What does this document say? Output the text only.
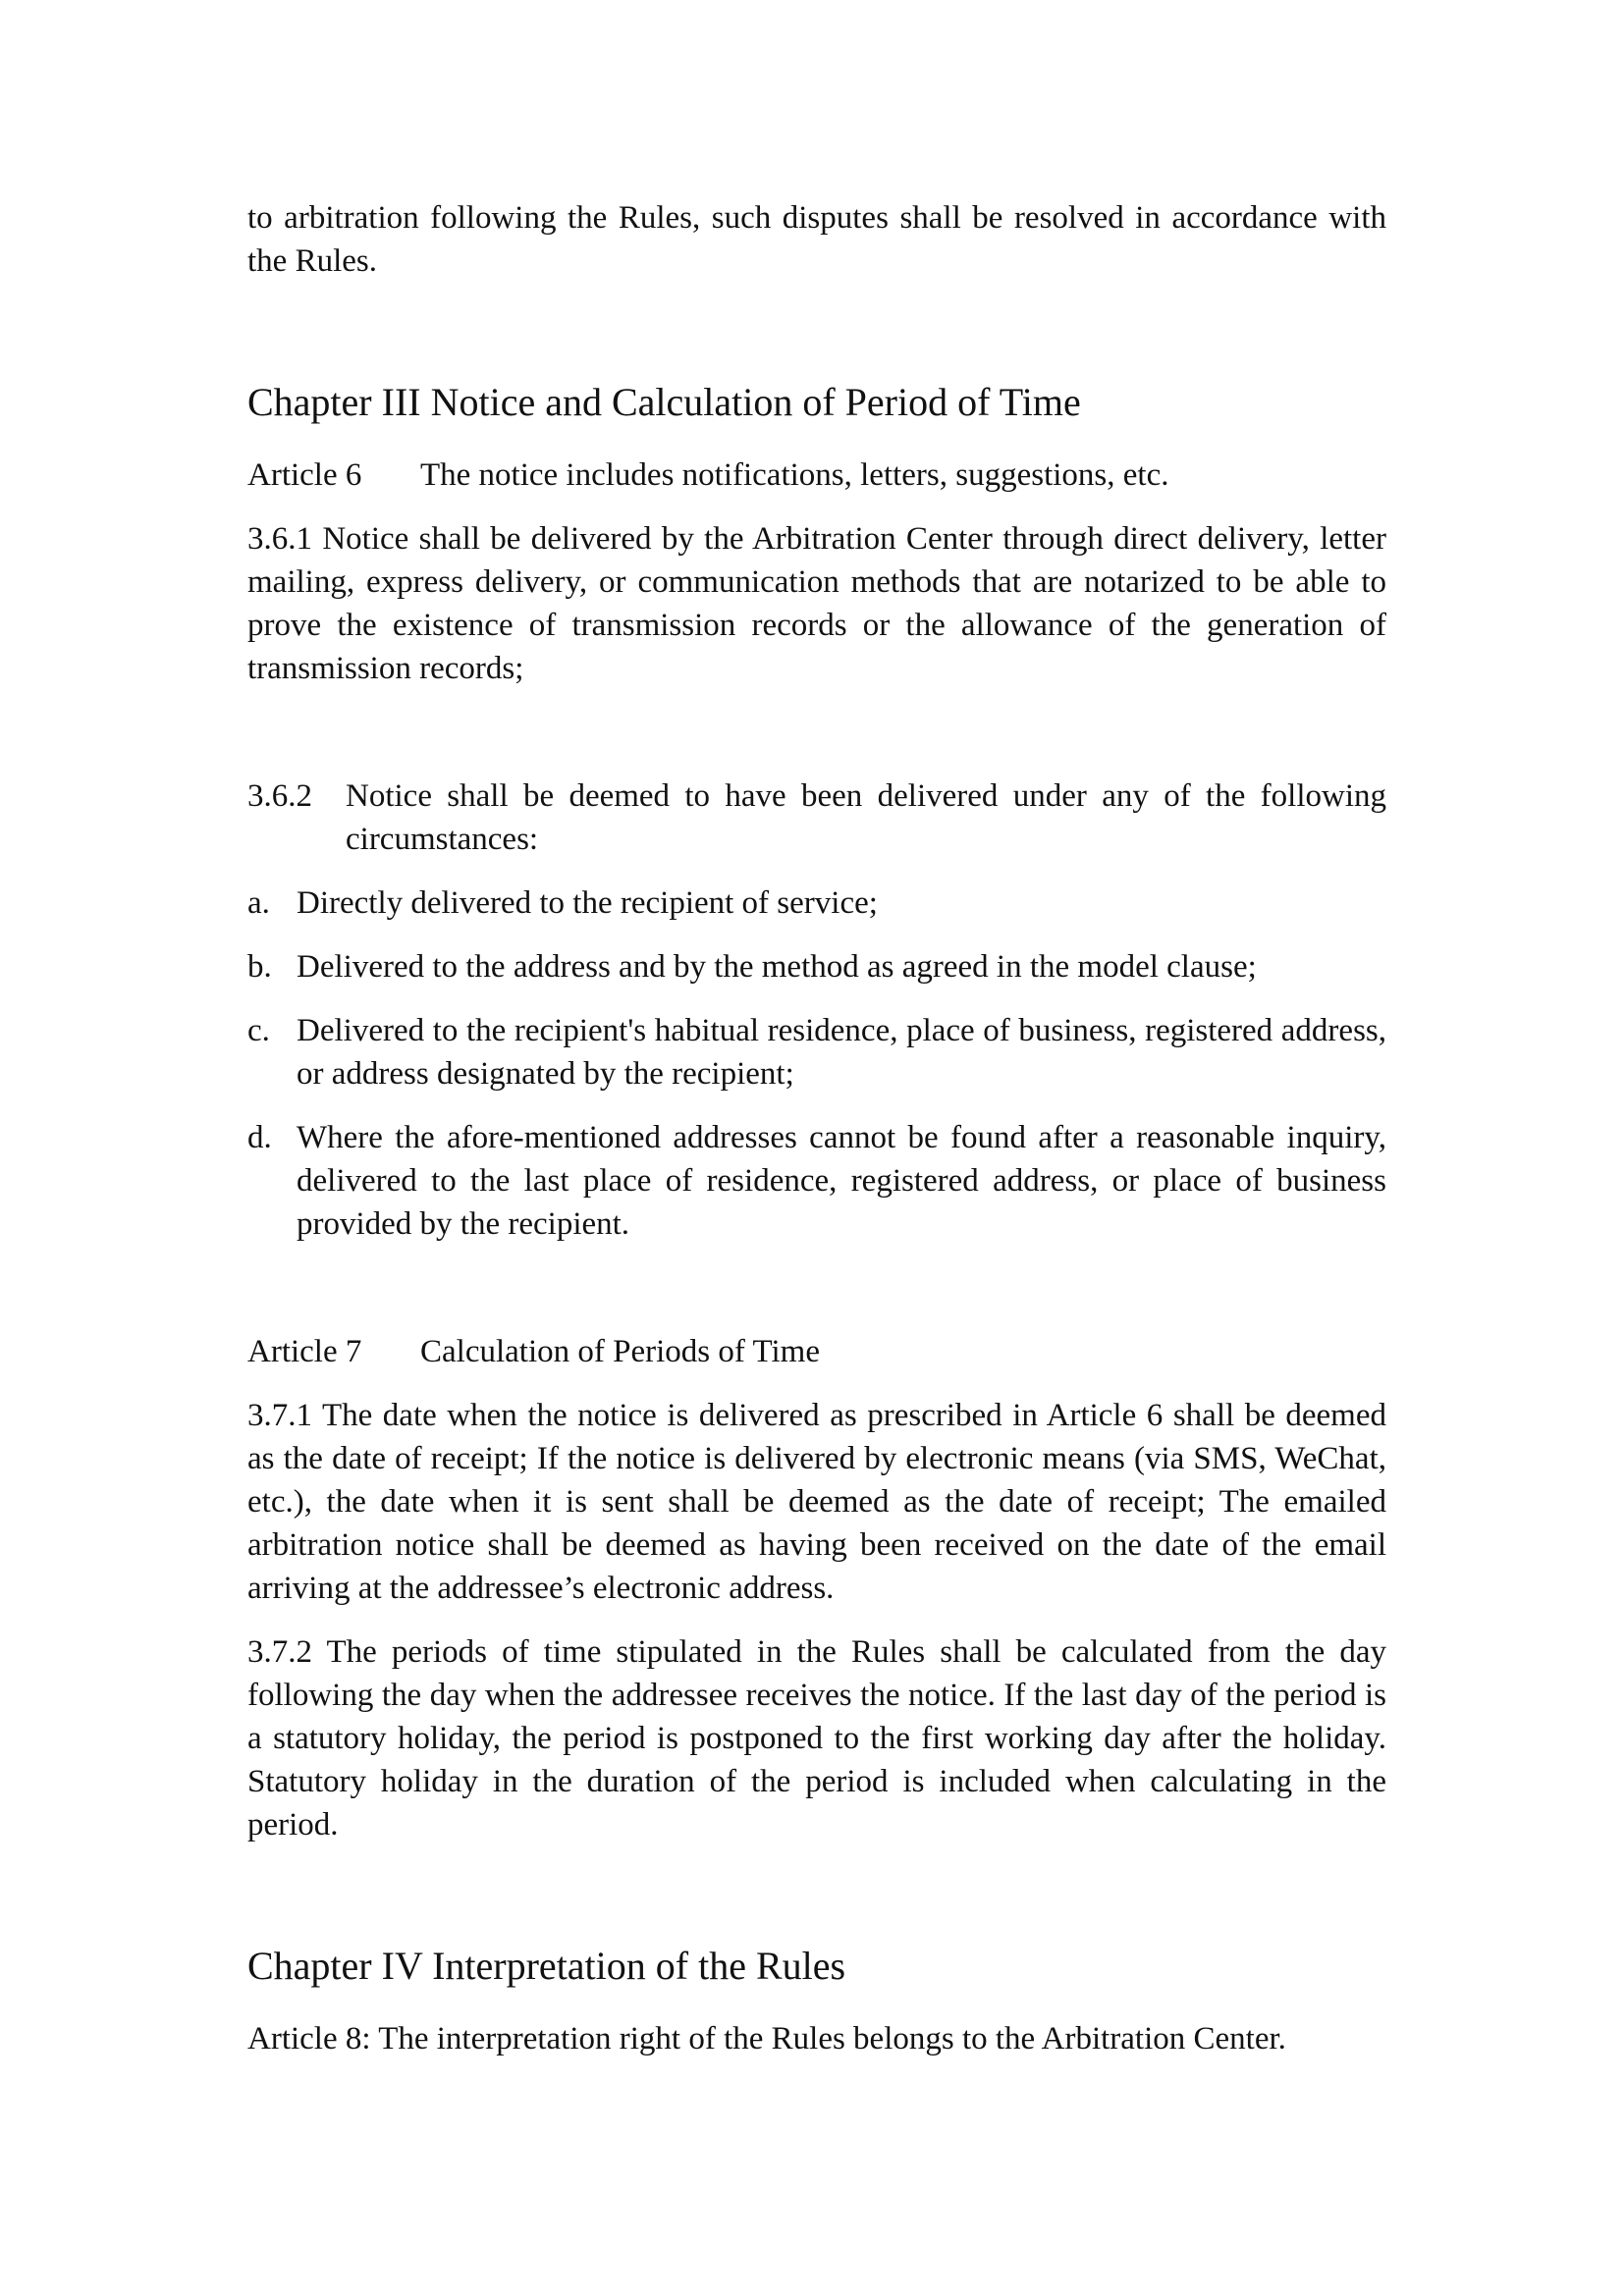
to arbitration following the Rules, such disputes shall be resolved in accordance with the Rules.

Chapter III Notice and Calculation of Period of Time
Article 6	The notice includes notifications, letters, suggestions, etc.

3.6.1 Notice shall be delivered by the Arbitration Center through direct delivery, letter mailing, express delivery, or communication methods that are notarized to be able to prove the existence of transmission records or the allowance of the generation of transmission records;

3.6.2	Notice shall be deemed to have been delivered under any of the following circumstances:
a. Directly delivered to the recipient of service;
b. Delivered to the address and by the method as agreed in the model clause;
c. Delivered to the recipient's habitual residence, place of business, registered address, or address designated by the recipient;
d. Where the afore-mentioned addresses cannot be found after a reasonable inquiry, delivered to the last place of residence, registered address, or place of business provided by the recipient.
Article 7	Calculation of Periods of Time

3.7.1 The date when the notice is delivered as prescribed in Article 6 shall be deemed as the date of receipt; If the notice is delivered by electronic means (via SMS, WeChat, etc.), the date when it is sent shall be deemed as the date of receipt; The emailed arbitration notice shall be deemed as having been received on the date of the email arriving at the addressee’s electronic address.

3.7.2 The periods of time stipulated in the Rules shall be calculated from the day following the day when the addressee receives the notice. If the last day of the period is a statutory holiday, the period is postponed to the first working day after the holiday. Statutory holiday in the duration of the period is included when calculating in the period.

Chapter IV Interpretation of the Rules

Article 8: The interpretation right of the Rules belongs to the Arbitration Center.
